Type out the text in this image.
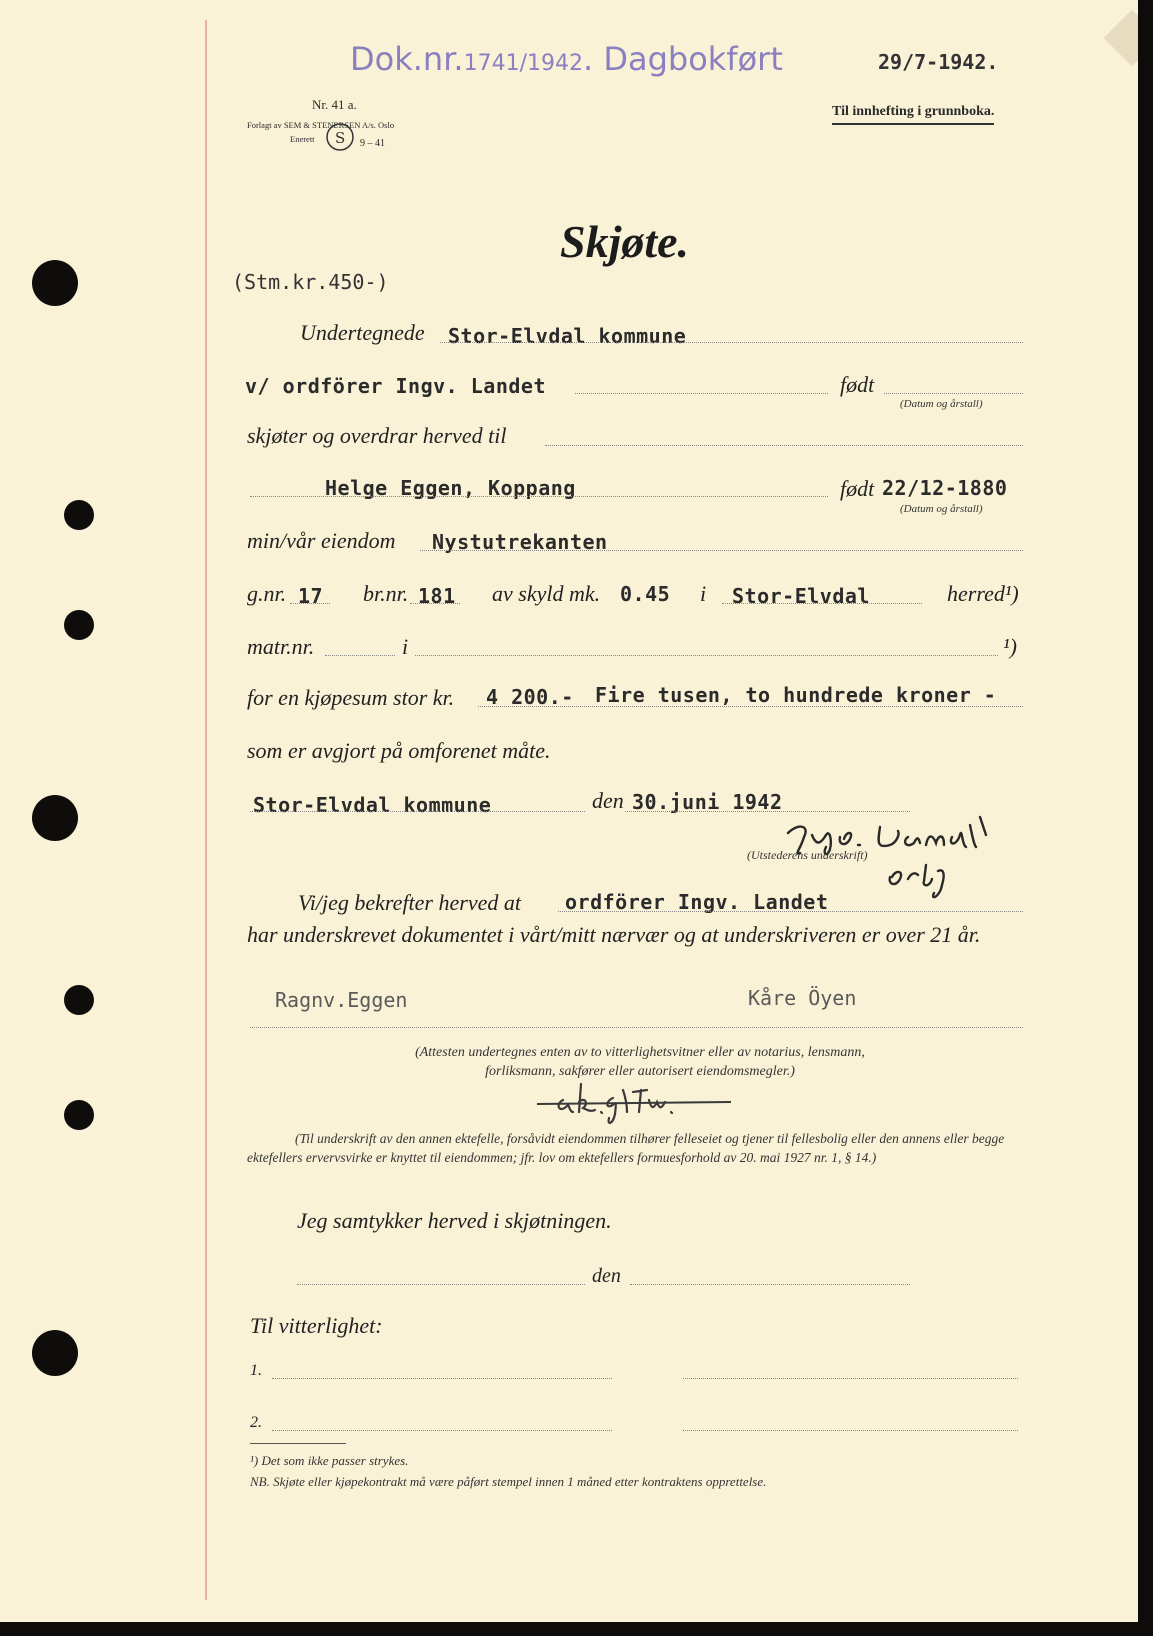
Dok.nr.1741/1942. Dagbokført	29/7-1942.
Nr. 41 a.
Forlagt av SEM & STENERSEN A/s. Oslo
Enerett S 9 – 41
Til innhefting i grunnboka.
Skjøte.
(Stm.kr.450-)
Undertegnede Stor-Elvdal kommune
v/ ordförer Ingv. Landet	født
(Datum og årstall)
skjøter og overdrar herved til
Helge Eggen, Koppang	født 22/12-1880
(Datum og årstall)
min/vår eiendom Nystutrekanten
g.nr. 17 br.nr. 181 av skyld mk. 0.45 i Stor-Elvdal	herred¹)
matr.nr.	i	¹)
for en kjøpesum stor kr. 4 200.- Fire tusen, to hundrede kroner -
som er avgjort på omforenet måte.
Stor-Elvdal kommune	den 30.juni 1942
(Utstederens underskrift)
Vi/jeg bekrefter herved at ordförer Ingv. Landet
har underskrevet dokumentet i vårt/mitt nærvær og at underskriveren er over 21 år.
Ragnv.Eggen	Kåre Öyen
(Attesten undertegnes enten av to vitterlighetsvitner eller av notarius, lensmann, forliksmann, sakfører eller autorisert eiendomsmegler.)
(Til underskrift av den annen ektefelle, forsåvidt eiendommen tilhører felleseiet og tjener til fellesbolig eller den annens eller begge ektefellers ervervsvirke er knyttet til eiendommen; jfr. lov om ektefellers formuesforhold av 20. mai 1927 nr. 1, § 14.)
Jeg samtykker herved i skjøtningen.
den
Til vitterlighet:
1.
2.
¹) Det som ikke passer strykes.
NB. Skjøte eller kjøpekontrakt må være påført stempel innen 1 måned etter kontraktens opprettelse.
